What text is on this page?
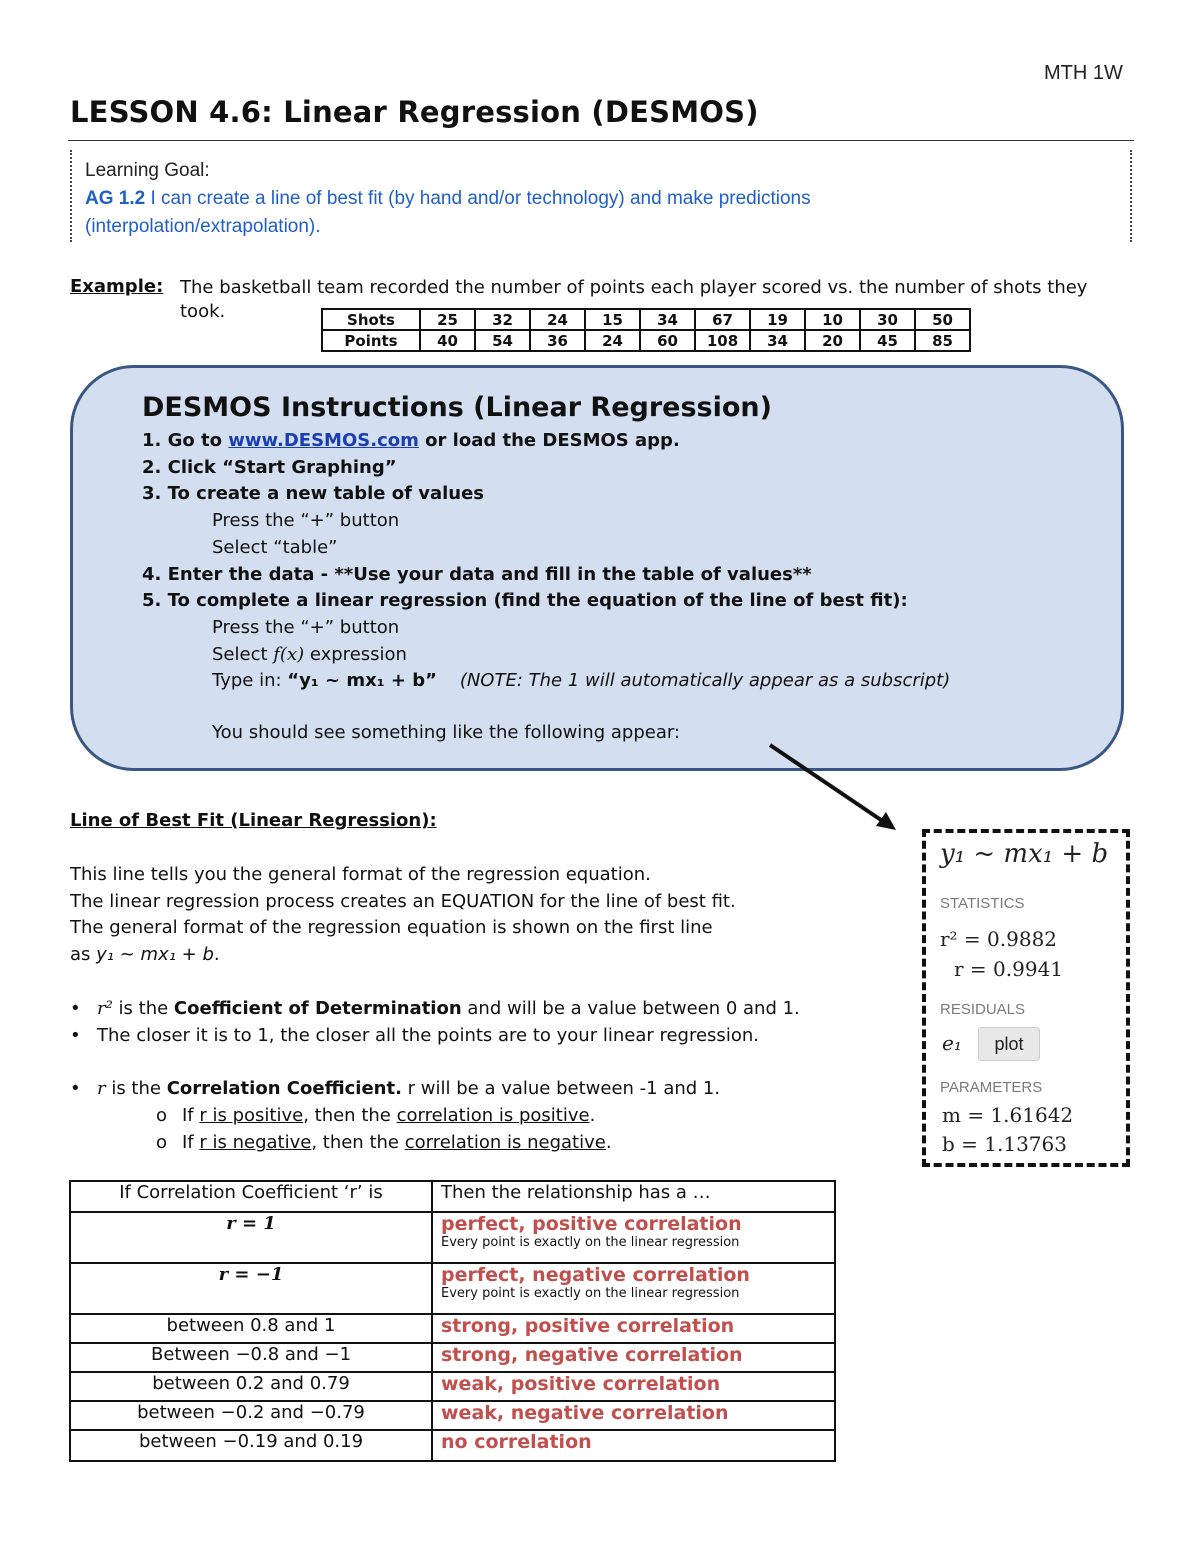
MTH 1W
LESSON 4.6: Linear Regression (DESMOS)
Learning Goal:
AG 1.2 I can create a line of best fit (by hand and/or technology) and make predictions
(interpolation/extrapolation).
Example: The basketball team recorded the number of points each player scored vs. the number of shots they took.	Shots	25	32	24	15	34	67	19	10	30	50
Points	40	54	36	24	60	108	34	20	45	85
DESMOS Instructions (Linear Regression)
1. Go to www.DESMOS.com or load the DESMOS app.
2. Click “Start Graphing”
3. To create a new table of values
Press the “+” button
Select “table”
4. Enter the data - **Use your data and fill in the table of values**
5. To complete a linear regression (find the equation of the line of best fit):
Press the “+” button
Select f(x) expression
Type in: “y₁ ~ mx₁ + b” (NOTE: The 1 will automatically appear as a subscript)
You should see something like the following appear:
Line of Best Fit (Linear Regression):
This line tells you the general format of the regression equation.
The linear regression process creates an EQUATION for the line of best fit.
The general format of the regression equation is shown on the first line
as y₁ ~ mx₁ + b.
• r² is the Coefficient of Determination and will be a value between 0 and 1.
• The closer it is to 1, the closer all the points are to your linear regression.
• r is the Correlation Coefficient. r will be a value between -1 and 1.
o If r is positive, then the correlation is positive.
o If r is negative, then the correlation is negative.
y₁ ~ mx₁ + b
STATISTICS
r² = 0.9882
r = 0.9941
RESIDUALS
e₁	plot
PARAMETERS
m = 1.61642
b = 1.13763
If Correlation Coefficient ‘r’ is	Then the relationship has a …
r = 1	perfect, positive correlation
Every point is exactly on the linear regression

r = −1	perfect, negative correlation
Every point is exactly on the linear regression

between 0.8 and 1	strong, positive correlation
Between −0.8 and −1	strong, negative correlation
between 0.2 and 0.79	weak, positive correlation
between −0.2 and −0.79	weak, negative correlation
between −0.19 and 0.19	no correlation
